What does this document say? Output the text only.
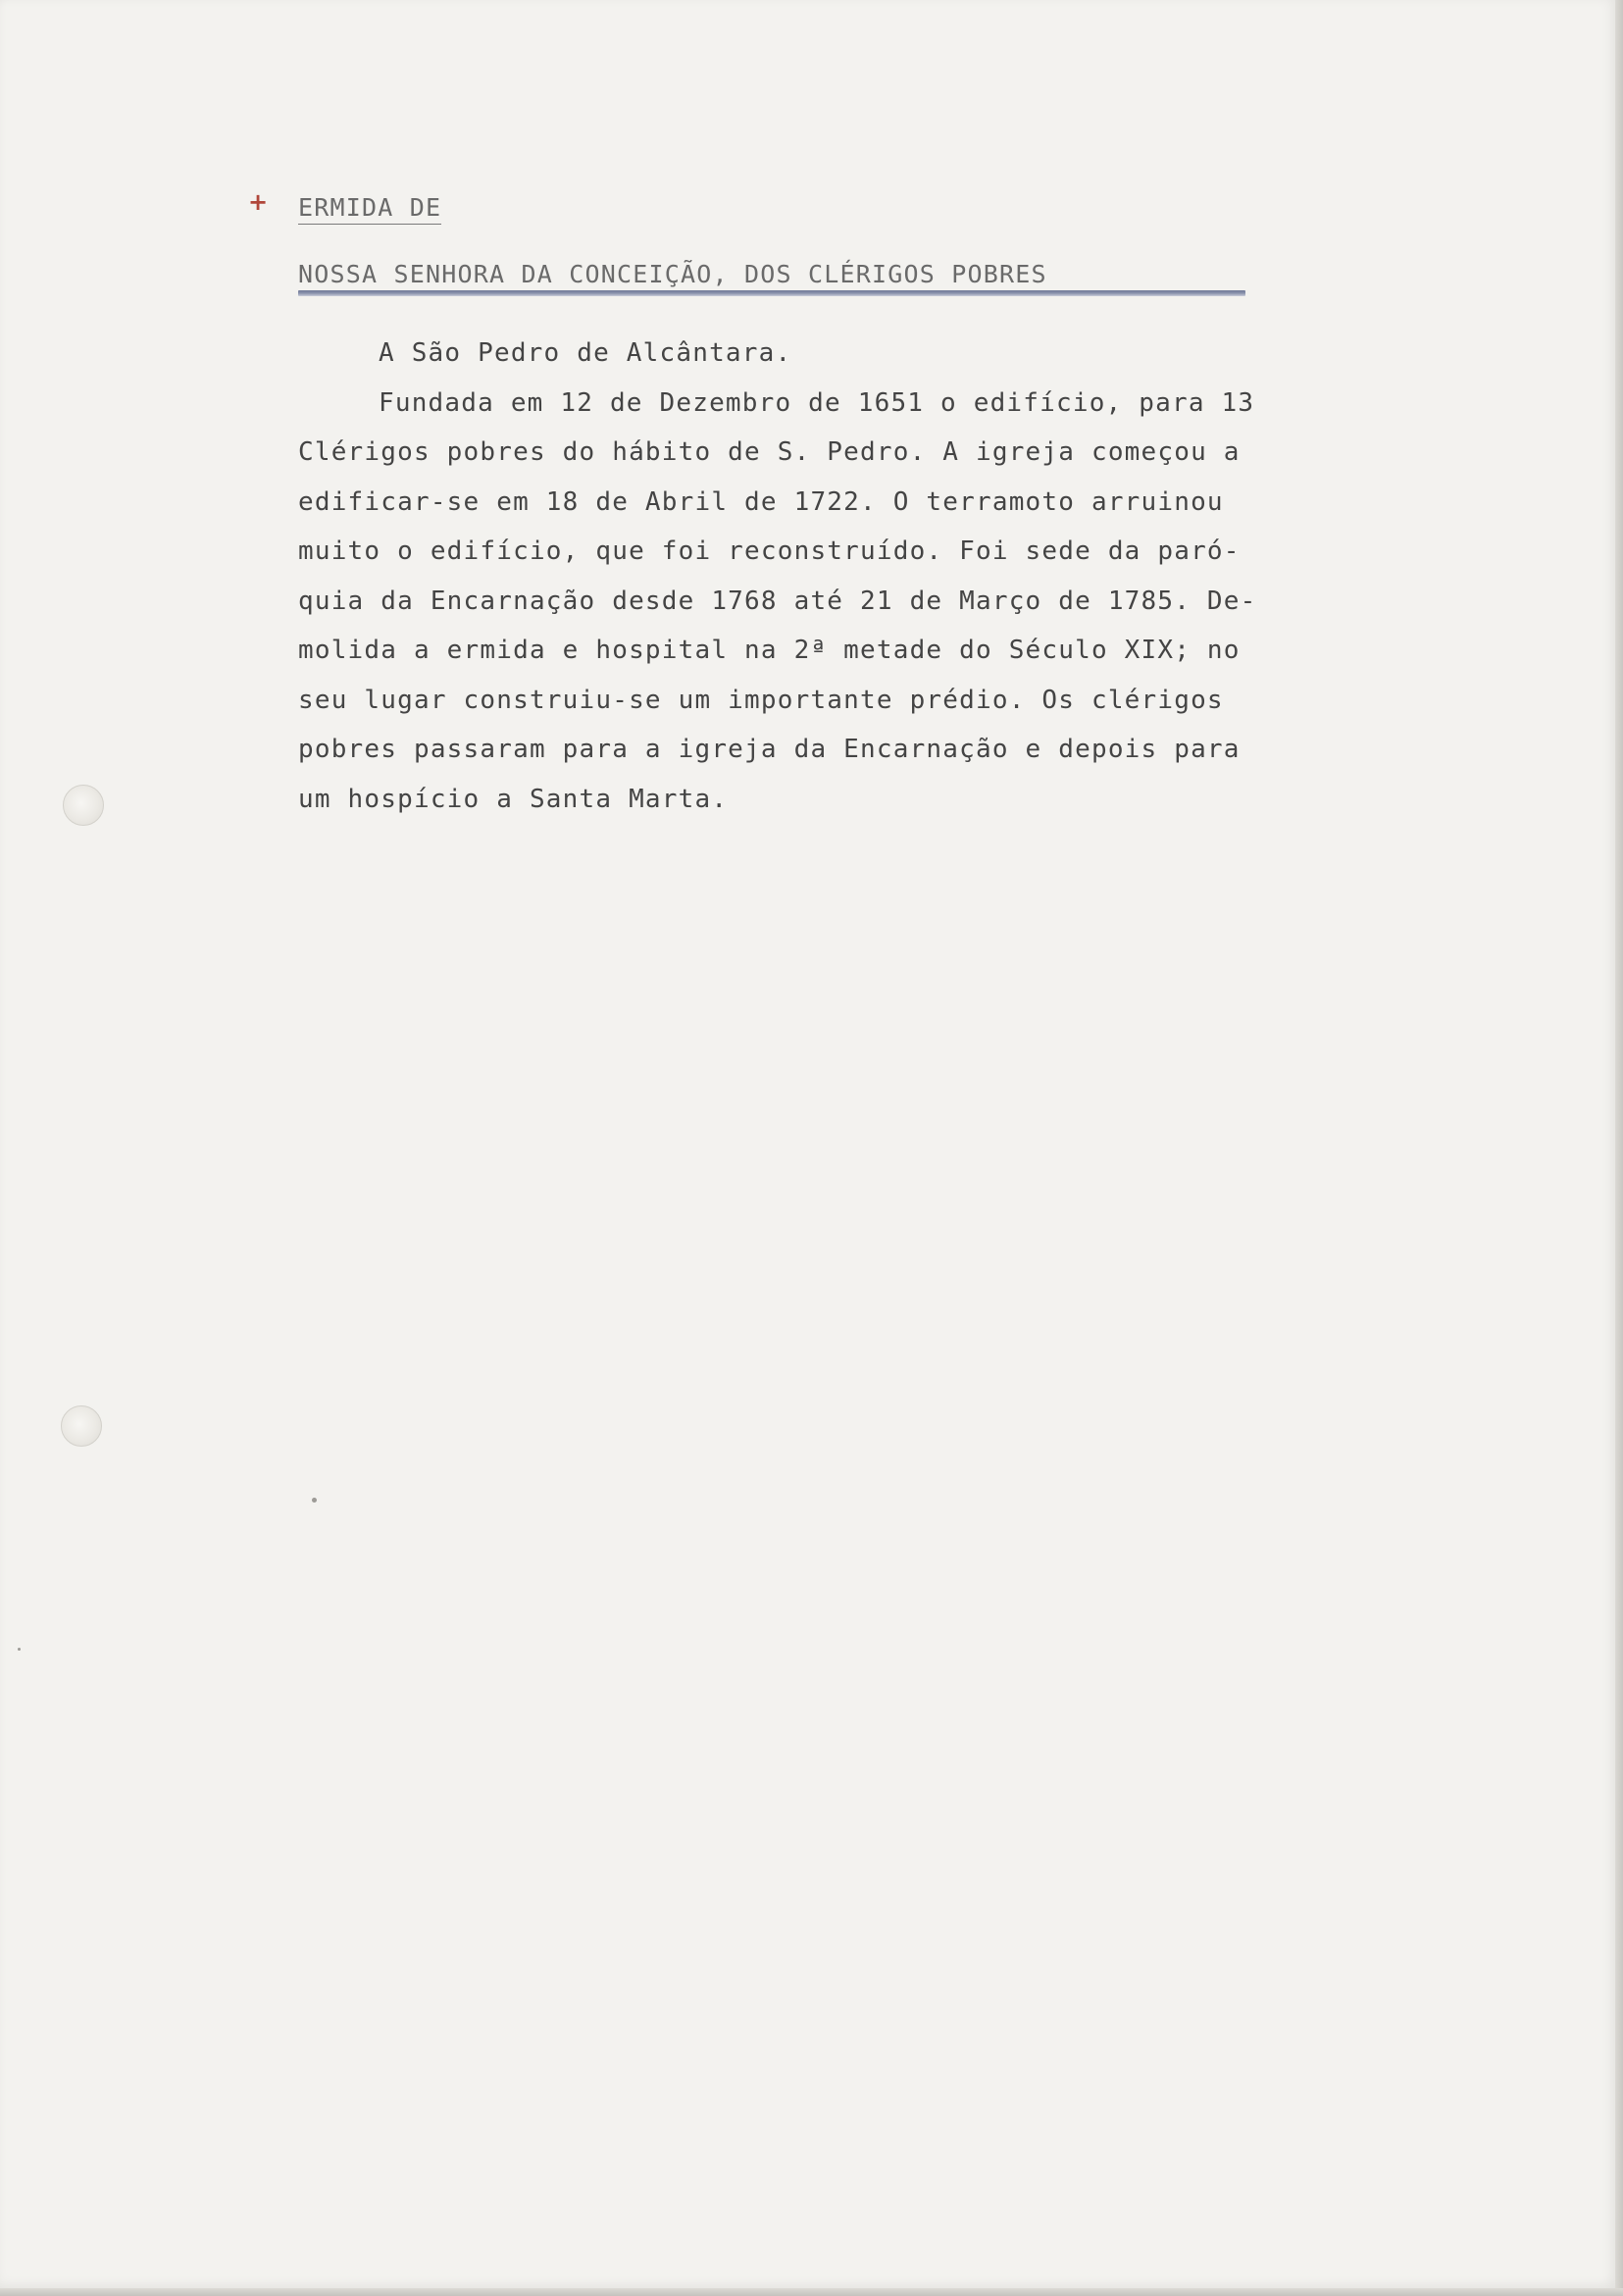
+ ERMIDA DE
NOSSA SENHORA DA CONCEIÇÃO, DOS CLÉRIGOS POBRES
A São Pedro de Alcântara.
Fundada em 12 de Dezembro de 1651 o edifício, para 13
Clérigos pobres do hábito de S. Pedro. A igreja começou a
edificar-se em 18 de Abril de 1722. O terramoto arruinou
muito o edifício, que foi reconstruído. Foi sede da paró-
quia da Encarnação desde 1768 até 21 de Março de 1785. De-
molida a ermida e hospital na 2ª metade do Século XIX; no
seu lugar construiu-se um importante prédio. Os clérigos
pobres passaram para a igreja da Encarnação e depois para
um hospício a Santa Marta.
